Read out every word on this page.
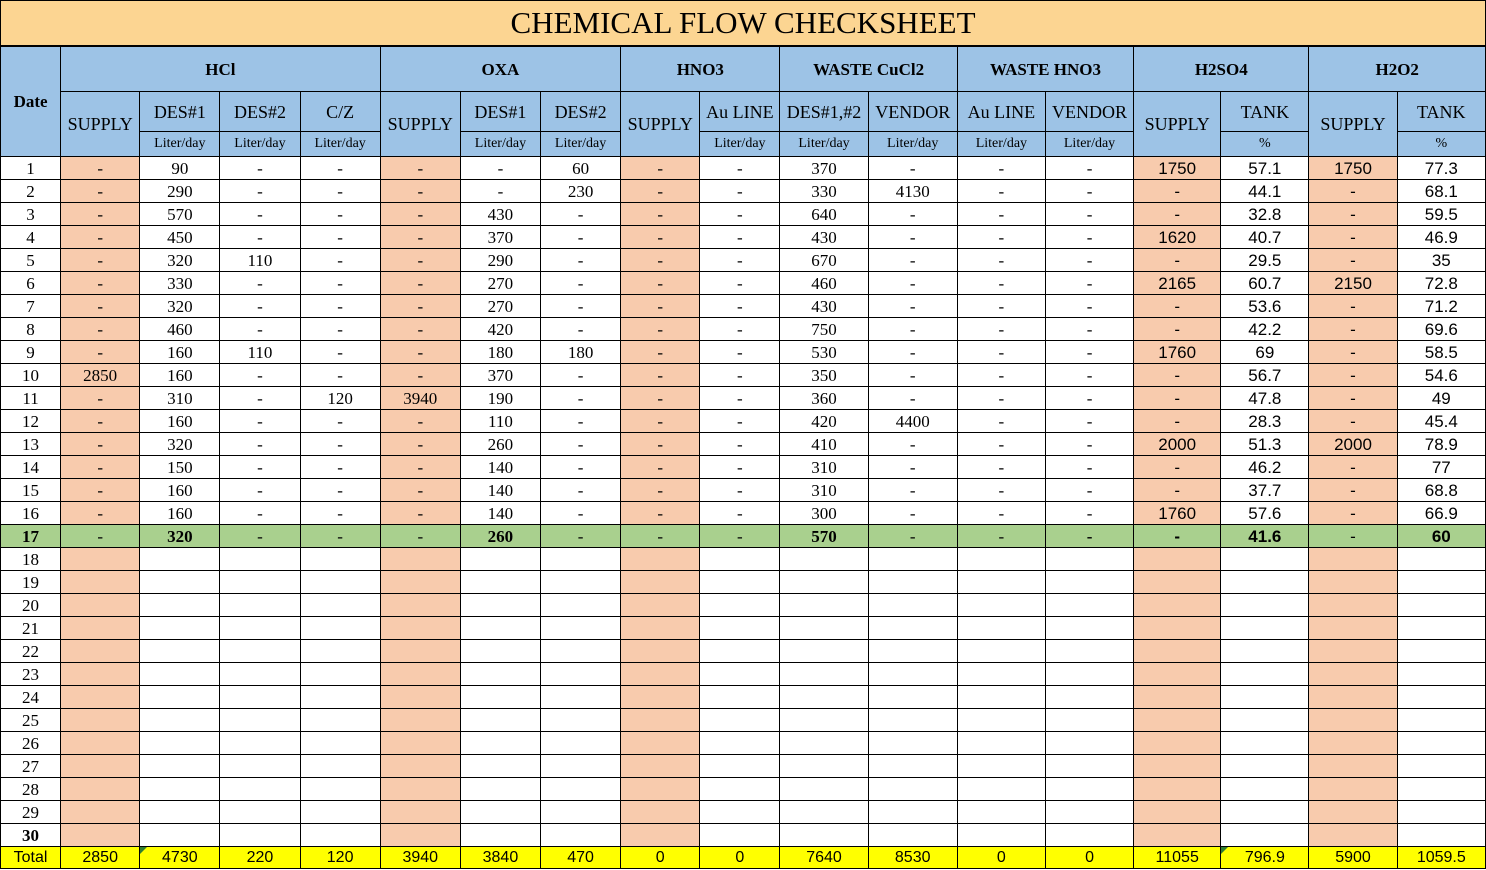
CHEMICAL FLOW CHECKSHEET
Date	HCl				OXA			HNO3		WASTE CuCl2		WASTE HNO3		H2SO4		H2O2	
	SUPPLY	DES#1	DES#2	C/Z	SUPPLY	DES#1	DES#2	SUPPLY	Au LINE	DES#1,#2	VENDOR	Au LINE	VENDOR	SUPPLY	TANK	SUPPLY	TANK
		Liter/day	Liter/day	Liter/day		Liter/day	Liter/day		Liter/day	Liter/day	Liter/day	Liter/day	Liter/day		%		%
1	-	90	-	-	-	-	60	-	-	370	-	-	-	1750	57.1	1750	77.3
2	-	290	-	-	-	-	230	-	-	330	4130	-	-	-	44.1	-	68.1
3	-	570	-	-	-	430	-	-	-	640	-	-	-	-	32.8	-	59.5
4	-	450	-	-	-	370	-	-	-	430	-	-	-	1620	40.7	-	46.9
5	-	320	110	-	-	290	-	-	-	670	-	-	-	-	29.5	-	35
6	-	330	-	-	-	270	-	-	-	460	-	-	-	2165	60.7	2150	72.8
7	-	320	-	-	-	270	-	-	-	430	-	-	-	-	53.6	-	71.2
8	-	460	-	-	-	420	-	-	-	750	-	-	-	-	42.2	-	69.6
9	-	160	110	-	-	180	180	-	-	530	-	-	-	1760	69	-	58.5
10	2850	160	-	-	-	370	-	-	-	350	-	-	-	-	56.7	-	54.6
11	-	310	-	120	3940	190	-	-	-	360	-	-	-	-	47.8	-	49
12	-	160	-	-	-	110	-	-	-	420	4400	-	-	-	28.3	-	45.4
13	-	320	-	-	-	260	-	-	-	410	-	-	-	2000	51.3	2000	78.9
14	-	150	-	-	-	140	-	-	-	310	-	-	-	-	46.2	-	77
15	-	160	-	-	-	140	-	-	-	310	-	-	-	-	37.7	-	68.8
16	-	160	-	-	-	140	-	-	-	300	-	-	-	1760	57.6	-	66.9
17	-	320	-	-	-	260	-	-	-	570	-	-	-	-	41.6	-	60
18																	
19																	
20																	
21																	
22																	
23																	
24																	
25																	
26																	
27																	
28																	
29																	
30																	
Total	2850	4730	220	120	3940	3840	470	0	0	7640	8530	0	0	11055	796.9	5900	1059.5
